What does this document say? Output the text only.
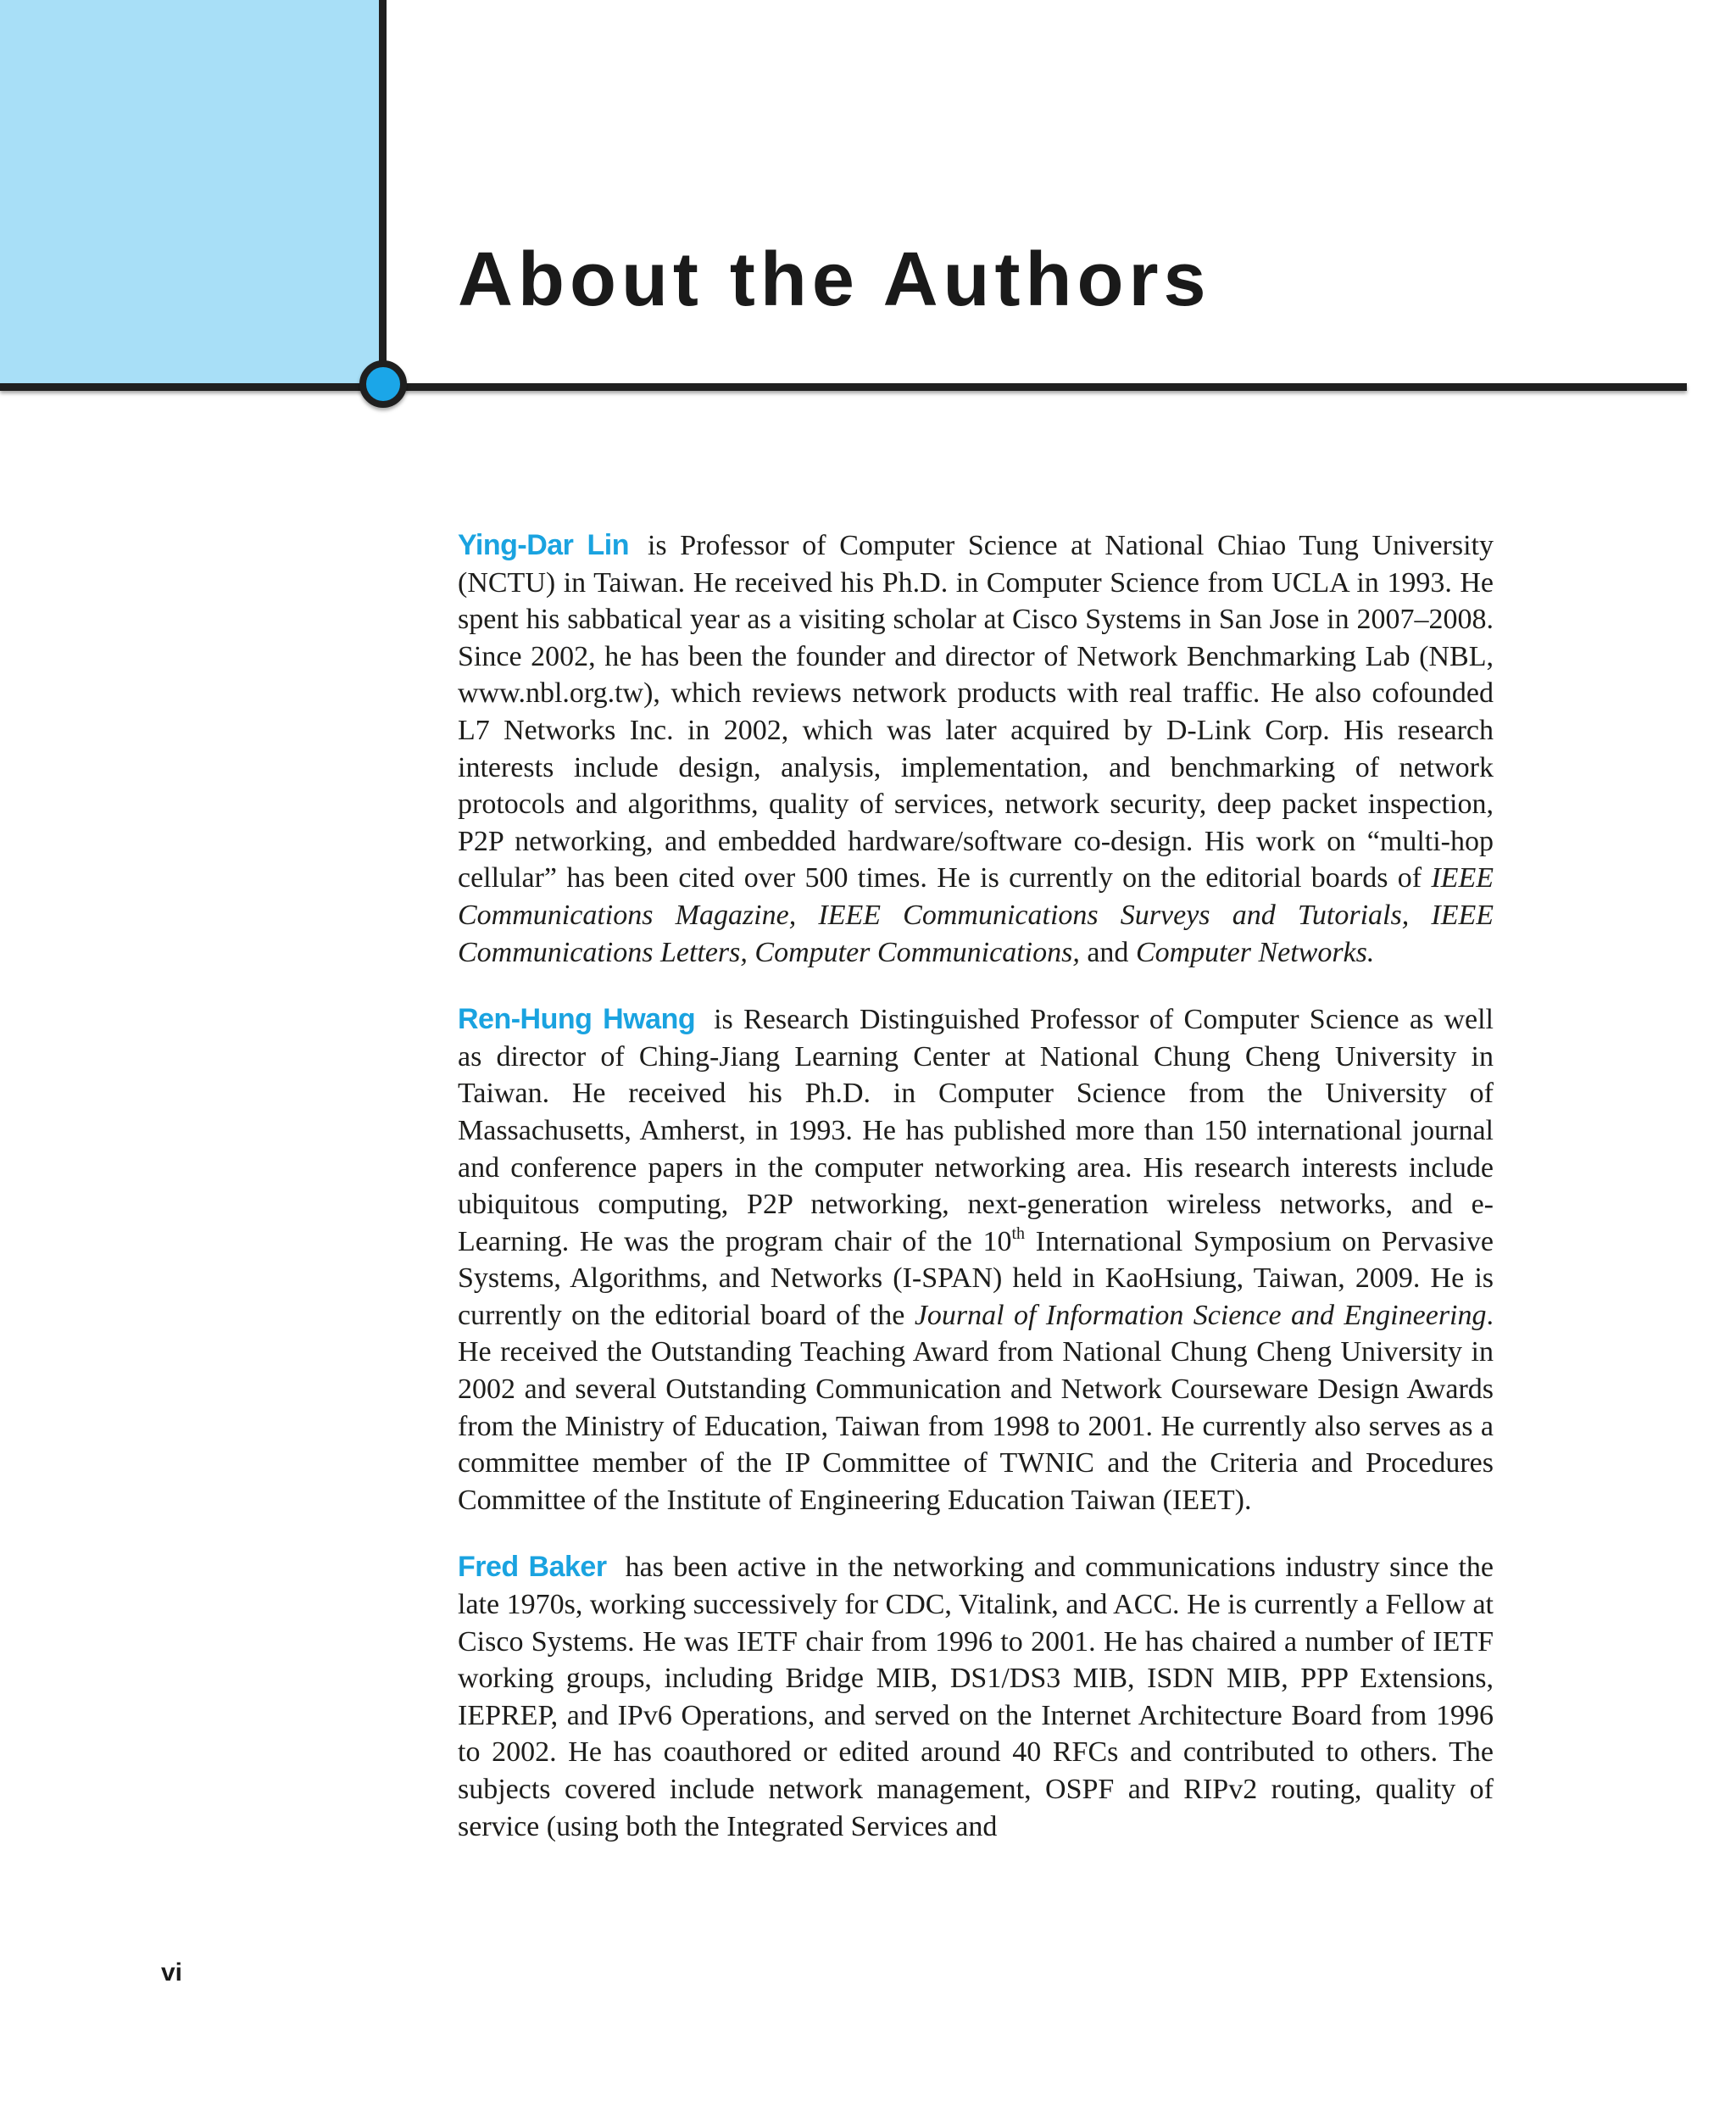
About the Authors

Ying-Dar Lin is Professor of Computer Science at National Chiao Tung University (NCTU) in Taiwan. He received his Ph.D. in Computer Science from UCLA in 1993. He spent his sabbatical year as a visiting scholar at Cisco Systems in San Jose in 2007–2008. Since 2002, he has been the founder and director of Network Benchmarking Lab (NBL, www.nbl.org.tw), which reviews network products with real traffic. He also cofounded L7 Networks Inc. in 2002, which was later acquired by D-Link Corp. His research interests include design, analysis, implementation, and benchmarking of network protocols and algorithms, quality of services, network security, deep packet inspection, P2P networking, and embedded hardware/software co-design. His work on “multi-hop cellular” has been cited over 500 times. He is currently on the editorial boards of IEEE Communications Magazine, IEEE Communications Surveys and Tutorials, IEEE Communications Letters, Computer Communications, and Computer Networks.

Ren-Hung Hwang is Research Distinguished Professor of Computer Science as well as director of Ching-Jiang Learning Center at National Chung Cheng University in Taiwan. He received his Ph.D. in Computer Science from the University of Massachusetts, Amherst, in 1993. He has published more than 150 international journal and conference papers in the computer networking area. His research interests include ubiquitous computing, P2P networking, next-generation wireless networks, and e-Learning. He was the program chair of the 10th International Symposium on Pervasive Systems, Algorithms, and Networks (I-SPAN) held in KaoHsiung, Taiwan, 2009. He is currently on the editorial board of the Journal of Information Science and Engineering. He received the Outstanding Teaching Award from National Chung Cheng University in 2002 and several Outstanding Communication and Network Courseware Design Awards from the Ministry of Education, Taiwan from 1998 to 2001. He currently also serves as a committee member of the IP Committee of TWNIC and the Criteria and Procedures Committee of the Institute of Engineering Education Taiwan (IEET).

Fred Baker has been active in the networking and communications industry since the late 1970s, working successively for CDC, Vitalink, and ACC. He is currently a Fellow at Cisco Systems. He was IETF chair from 1996 to 2001. He has chaired a number of IETF working groups, including Bridge MIB, DS1/DS3 MIB, ISDN MIB, PPP Extensions, IEPREP, and IPv6 Operations, and served on the Internet Architecture Board from 1996 to 2002. He has coauthored or edited around 40 RFCs and contributed to others. The subjects covered include network management, OSPF and RIPv2 routing, quality of service (using both the Integrated Services and

vi
